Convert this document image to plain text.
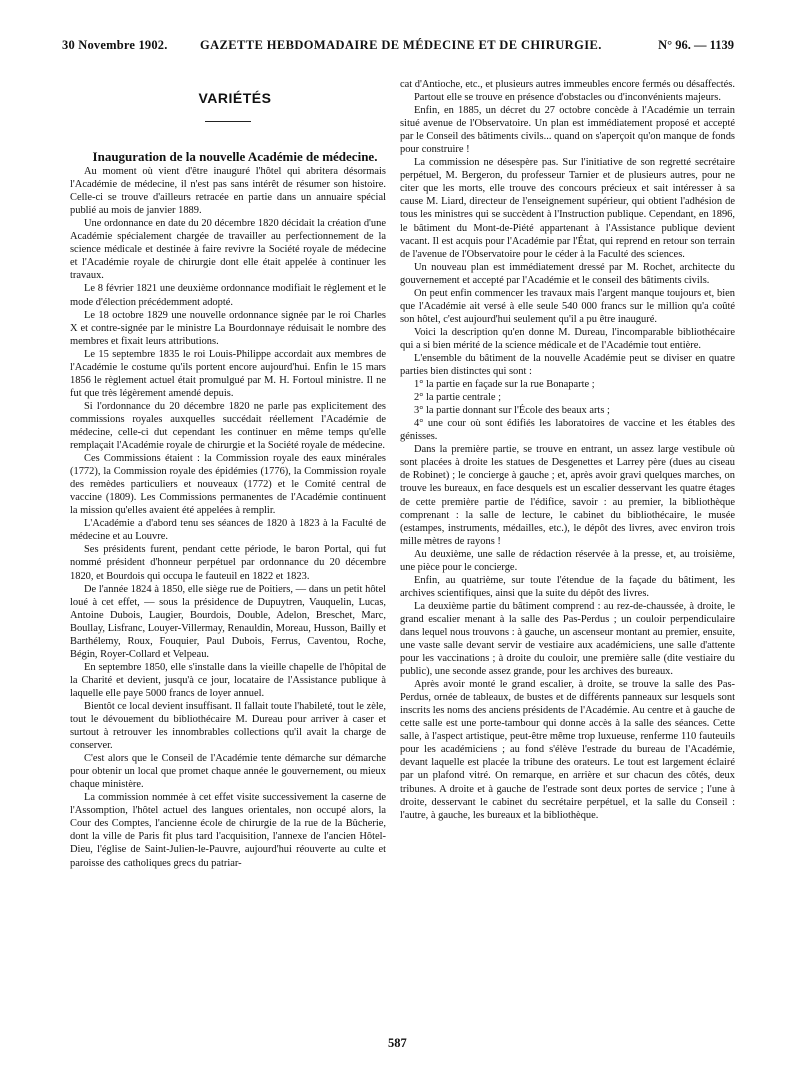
30 Novembre 1902.	GAZETTE HEBDOMADAIRE DE MÉDECINE ET DE CHIRURGIE.	N° 96. — 1139

VARIÉTÉS

Inauguration de la nouvelle Académie de médecine.

Au moment où vient d'être inauguré l'hôtel qui abritera désormais l'Académie de médecine, il n'est pas sans intérêt de résumer son histoire. Celle-ci se trouve d'ailleurs retracée en partie dans un annuaire spécial publié au mois de janvier 1889.

Une ordonnance en date du 20 décembre 1820 décidait la création d'une Académie spécialement chargée de travailler au perfectionnement de la science médicale et destinée à faire revivre la Société royale de médecine et l'Académie royale de chirurgie dont elle était appelée à continuer les travaux.

Le 8 février 1821 une deuxième ordonnance modifiait le règlement et le mode d'élection précédemment adopté.

Le 18 octobre 1829 une nouvelle ordonnance signée par le roi Charles X et contre-signée par le ministre La Bourdonnaye réduisait le nombre des membres et fixait leurs attributions.

Le 15 septembre 1835 le roi Louis-Philippe accordait aux membres de l'Académie le costume qu'ils portent encore aujourd'hui. Enfin le 15 mars 1856 le règlement actuel était promulgué par M. H. Fortoul ministre. Il ne fut que très légèrement amendé depuis.

Si l'ordonnance du 20 décembre 1820 ne parle pas explicitement des commissions royales auxquelles succédait réellement l'Académie de médecine, celle-ci dut cependant les continuer en même temps qu'elle remplaçait l'Académie royale de chirurgie et la Société royale de médecine.

Ces Commissions étaient : la Commission royale des eaux minérales (1772), la Commission royale des épidémies (1776), la Commission royale des remèdes particuliers et nouveaux (1772) et le Comité central de vaccine (1809). Les Commissions permanentes de l'Académie continuent la mission qu'elles avaient été appelées à remplir.

L'Académie a d'abord tenu ses séances de 1820 à 1823 à la Faculté de médecine et au Louvre.

Ses présidents furent, pendant cette période, le baron Portal, qui fut nommé président d'honneur perpétuel par ordonnance du 20 décembre 1820, et Bourdois qui occupa le fauteuil en 1822 et 1823.

De l'année 1824 à 1850, elle siège rue de Poitiers, — dans un petit hôtel loué à cet effet, — sous la présidence de Dupuytren, Vauquelin, Lucas, Antoine Dubois, Laugier, Bourdois, Double, Adelon, Breschet, Marc, Boullay, Lisfranc, Louyer-Villermay, Renauldin, Moreau, Husson, Bailly et Barthélemy, Roux, Fouquier, Paul Dubois, Ferrus, Caventou, Roche, Bégin, Royer-Collard et Velpeau.

En septembre 1850, elle s'installe dans la vieille chapelle de l'hôpital de la Charité et devient, jusqu'à ce jour, locataire de l'Assistance publique à laquelle elle paye 5000 francs de loyer annuel.

Bientôt ce local devient insuffisant. Il fallait toute l'habileté, tout le zèle, tout le dévouement du bibliothécaire M. Dureau pour arriver à caser et surtout à retrouver les innombrables collections qu'il avait la charge de conserver.

C'est alors que le Conseil de l'Académie tente démarche sur démarche pour obtenir un local que promet chaque année le gouvernement, ou mieux chaque ministère.

La commission nommée à cet effet visite successivement la caserne de l'Assomption, l'hôtel actuel des langues orientales, non occupé alors, la Cour des Comptes, l'ancienne école de chirurgie de la rue de la Bûcherie, dont la ville de Paris fit plus tard l'acquisition, l'annexe de l'ancien Hôtel-Dieu, l'église de Saint-Julien-le-Pauvre, aujourd'hui réouverte au culte et paroisse des catholiques grecs du patriar-

cat d'Antioche, etc., et plusieurs autres immeubles encore fermés ou désaffectés.

Partout elle se trouve en présence d'obstacles ou d'inconvénients majeurs.

Enfin, en 1885, un décret du 27 octobre concède à l'Académie un terrain situé avenue de l'Observatoire. Un plan est immédiatement proposé et accepté par le Conseil des bâtiments civils... quand on s'aperçoit qu'on manque de fonds pour construire !

La commission ne désespère pas. Sur l'initiative de son regretté secrétaire perpétuel, M. Bergeron, du professeur Tarnier et de plusieurs autres, pour ne citer que les morts, elle trouve des concours précieux et sait intéresser à sa cause M. Liard, directeur de l'enseignement supérieur, qui obtient l'adhésion de tous les ministres qui se succèdent à l'Instruction publique. Cependant, en 1896, le bâtiment du Mont-de-Piété appartenant à l'Assistance publique devient vacant. Il est acquis pour l'Académie par l'État, qui reprend en retour son terrain de l'avenue de l'Observatoire pour le céder à la Faculté des sciences.

Un nouveau plan est immédiatement dressé par M. Rochet, architecte du gouvernement et accepté par l'Académie et le conseil des bâtiments civils.

On peut enfin commencer les travaux mais l'argent manque toujours et, bien que l'Académie ait versé à elle seule 540 000 francs sur le million qu'a coûté son hôtel, c'est aujourd'hui seulement qu'il a pu être inauguré.

Voici la description qu'en donne M. Dureau, l'incomparable bibliothécaire qui a si bien mérité de la science médicale et de l'Académie tout entière.

L'ensemble du bâtiment de la nouvelle Académie peut se diviser en quatre parties bien distinctes qui sont :

1° la partie en façade sur la rue Bonaparte ;

2° la partie centrale ;

3° la partie donnant sur l'École des beaux arts ;

4° une cour où sont édifiés les laboratoires de vaccine et les étables des génisses.

Dans la première partie, se trouve en entrant, un assez large vestibule où sont placées à droite les statues de Desgenettes et Larrey père (dues au ciseau de Robinet) ; le concierge à gauche ; et, après avoir gravi quelques marches, on trouve les bureaux, en face desquels est un escalier desservant les quatre étages de cette première partie de l'édifice, savoir : au premier, la bibliothèque comprenant : la salle de lecture, le cabinet du bibliothécaire, le musée (estampes, instruments, médailles, etc.), le dépôt des livres, avec environ trois mille mètres de rayons !

Au deuxième, une salle de rédaction réservée à la presse, et, au troisième, une pièce pour le concierge.

Enfin, au quatrième, sur toute l'étendue de la façade du bâtiment, les archives scientifiques, ainsi que la suite du dépôt des livres.

La deuxième partie du bâtiment comprend : au rez-de-chaussée, à droite, le grand escalier menant à la salle des Pas-Perdus ; un couloir perpendiculaire dans lequel nous trouvons : à gauche, un ascenseur montant au premier, ensuite, une vaste salle devant servir de vestiaire aux académiciens, une salle d'attente pour les vaccinations ; à droite du couloir, une première salle (dite vestiaire du public), une seconde assez grande, pour les archives des bureaux.

Après avoir monté le grand escalier, à droite, se trouve la salle des Pas-Perdus, ornée de tableaux, de bustes et de différents panneaux sur lesquels sont inscrits les noms des anciens présidents de l'Académie. Au centre et à gauche de cette salle est une porte-tambour qui donne accès à la salle des séances. Cette salle, à l'aspect artistique, peut-être même trop luxueuse, renferme 110 fauteuils pour les académiciens ; au fond s'élève l'estrade du bureau de l'Académie, devant laquelle est placée la tribune des orateurs. Le tout est largement éclairé par un plafond vitré. On remarque, en arrière et sur chacun des côtés, deux tribunes. A droite et à gauche de l'estrade sont deux portes de service ; l'une à droite, desservant le cabinet du secrétaire perpétuel, et la salle du Conseil : l'autre, à gauche, les bureaux et la bibliothèque.

587
